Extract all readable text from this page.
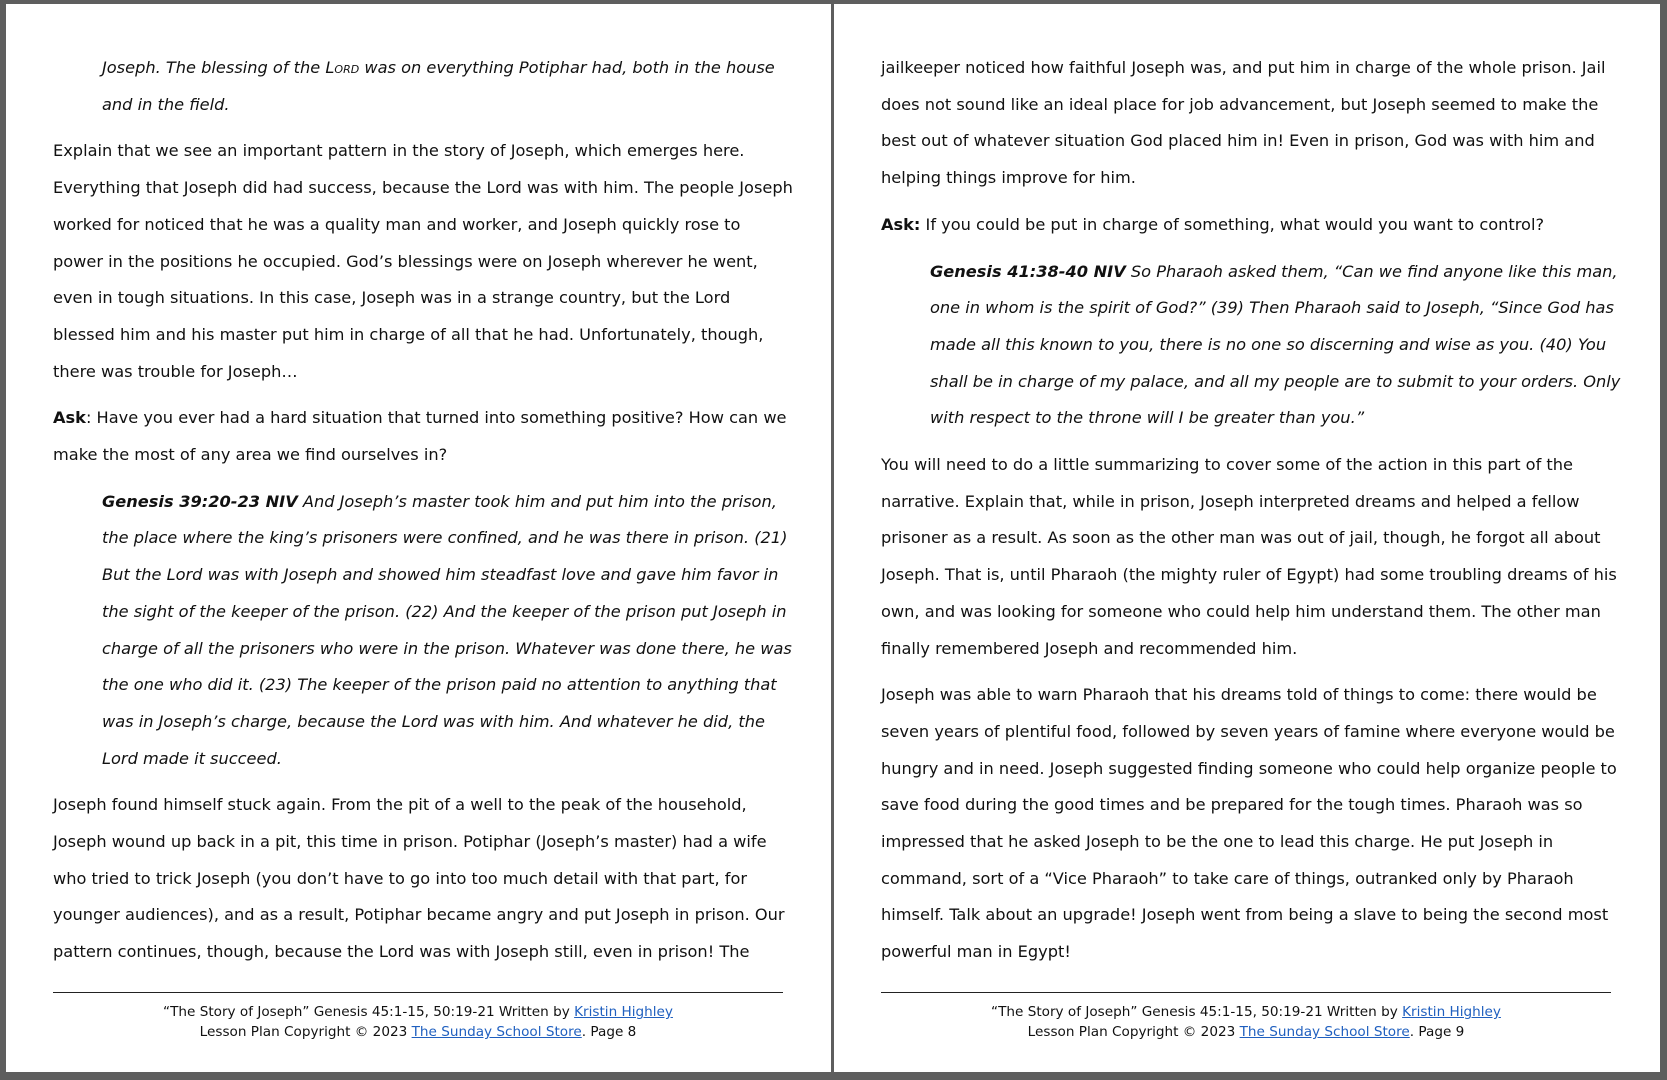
Joseph. The blessing of the Lord was on everything Potiphar had, both in the house and in the field.

Explain that we see an important pattern in the story of Joseph, which emerges here. Everything that Joseph did had success, because the Lord was with him. The people Joseph worked for noticed that he was a quality man and worker, and Joseph quickly rose to power in the positions he occupied. God’s blessings were on Joseph wherever he went, even in tough situations. In this case, Joseph was in a strange country, but the Lord blessed him and his master put him in charge of all that he had. Unfortunately, though, there was trouble for Joseph…

Ask: Have you ever had a hard situation that turned into something positive? How can we make the most of any area we find ourselves in?

Genesis 39:20-23 NIV And Joseph’s master took him and put him into the prison, the place where the king’s prisoners were confined, and he was there in prison. (21) But the Lord was with Joseph and showed him steadfast love and gave him favor in the sight of the keeper of the prison. (22) And the keeper of the prison put Joseph in charge of all the prisoners who were in the prison. Whatever was done there, he was the one who did it. (23) The keeper of the prison paid no attention to anything that was in Joseph’s charge, because the Lord was with him. And whatever he did, the Lord made it succeed.

Joseph found himself stuck again. From the pit of a well to the peak of the household, Joseph wound up back in a pit, this time in prison. Potiphar (Joseph’s master) had a wife who tried to trick Joseph (you don’t have to go into too much detail with that part, for younger audiences), and as a result, Potiphar became angry and put Joseph in prison. Our pattern continues, though, because the Lord was with Joseph still, even in prison! The

“The Story of Joseph” Genesis 45:1-15, 50:19-21 Written by Kristin Highley
Lesson Plan Copyright © 2023 The Sunday School Store. Page 8

jailkeeper noticed how faithful Joseph was, and put him in charge of the whole prison. Jail does not sound like an ideal place for job advancement, but Joseph seemed to make the best out of whatever situation God placed him in! Even in prison, God was with him and helping things improve for him.

Ask: If you could be put in charge of something, what would you want to control?

Genesis 41:38-40 NIV So Pharaoh asked them, “Can we find anyone like this man, one in whom is the spirit of God?” (39) Then Pharaoh said to Joseph, “Since God has made all this known to you, there is no one so discerning and wise as you. (40) You shall be in charge of my palace, and all my people are to submit to your orders. Only with respect to the throne will I be greater than you.”

You will need to do a little summarizing to cover some of the action in this part of the narrative. Explain that, while in prison, Joseph interpreted dreams and helped a fellow prisoner as a result. As soon as the other man was out of jail, though, he forgot all about Joseph. That is, until Pharaoh (the mighty ruler of Egypt) had some troubling dreams of his own, and was looking for someone who could help him understand them. The other man finally remembered Joseph and recommended him.

Joseph was able to warn Pharaoh that his dreams told of things to come: there would be seven years of plentiful food, followed by seven years of famine where everyone would be hungry and in need. Joseph suggested finding someone who could help organize people to save food during the good times and be prepared for the tough times. Pharaoh was so impressed that he asked Joseph to be the one to lead this charge. He put Joseph in command, sort of a “Vice Pharaoh” to take care of things, outranked only by Pharaoh himself. Talk about an upgrade! Joseph went from being a slave to being the second most powerful man in Egypt!

“The Story of Joseph” Genesis 45:1-15, 50:19-21 Written by Kristin Highley
Lesson Plan Copyright © 2023 The Sunday School Store. Page 9
